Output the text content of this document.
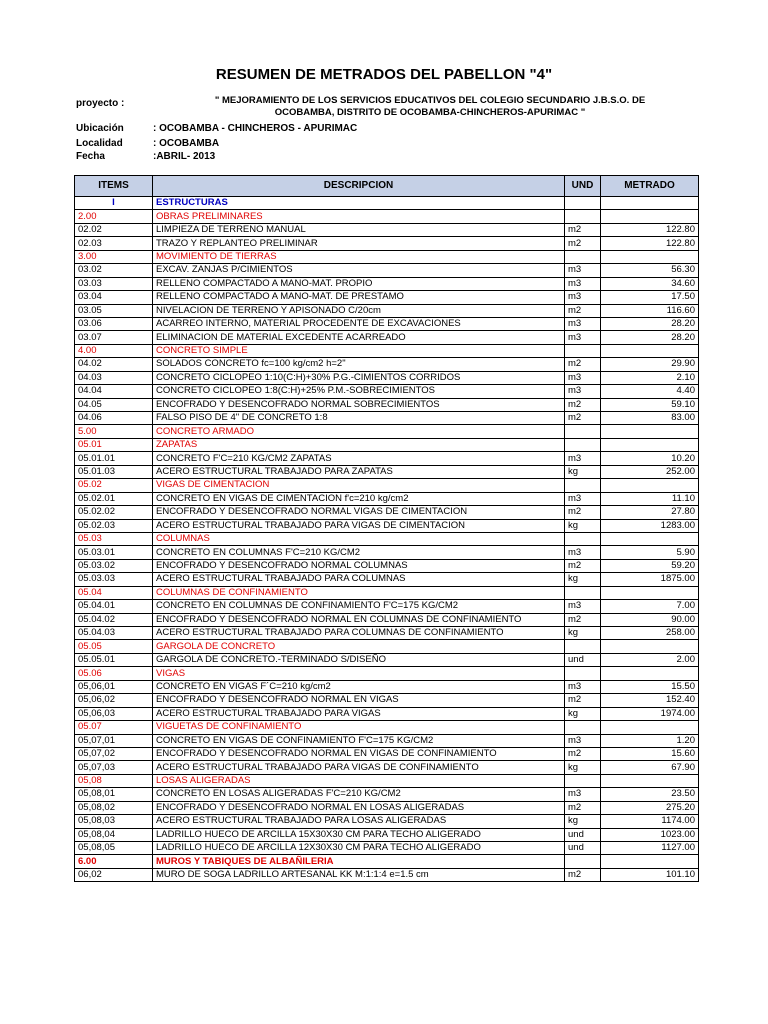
RESUMEN DE METRADOS DEL PABELLON "4"
proyecto :	" MEJORAMIENTO DE LOS SERVICIOS EDUCATIVOS DEL COLEGIO SECUNDARIO J.B.S.O. DE
OCOBAMBA, DISTRITO DE OCOBAMBA-CHINCHEROS-APURIMAC "
Ubicación	: OCOBAMBA - CHINCHEROS - APURIMAC
Localidad	: OCOBAMBA
Fecha	:ABRIL- 2013
ITEMS	DESCRIPCION	UND	METRADO
I	ESTRUCTURAS		
2.00	OBRAS PRELIMINARES		
02.02	LIMPIEZA DE TERRENO MANUAL	m2	122.80
02.03	TRAZO Y REPLANTEO PRELIMINAR	m2	122.80
3.00	MOVIMIENTO DE TIERRAS		
03.02	EXCAV. ZANJAS P/CIMIENTOS	m3	56.30
03.03	RELLENO COMPACTADO A MANO-MAT. PROPIO	m3	34.60
03.04	RELLENO COMPACTADO A MANO-MAT. DE PRESTAMO	m3	17.50
03.05	NIVELACION DE TERRENO Y APISONADO C/20cm	m2	116.60
03.06	ACARREO INTERNO, MATERIAL PROCEDENTE DE EXCAVACIONES	m3	28.20
03.07	ELIMINACION DE MATERIAL EXCEDENTE ACARREADO	m3	28.20
4.00	CONCRETO SIMPLE		
04.02	SOLADOS CONCRETO fc=100 kg/cm2 h=2"	m2	29.90
04.03	CONCRETO CICLOPEO 1:10(C:H)+30% P.G.-CIMIENTOS CORRIDOS	m3	2.10
04.04	CONCRETO CICLOPEO 1:8(C:H)+25% P.M.-SOBRECIMIENTOS	m3	4.40
04.05	ENCOFRADO Y DESENCOFRADO NORMAL SOBRECIMIENTOS	m2	59.10
04.06	FALSO PISO DE 4" DE CONCRETO 1:8	m2	83.00
5.00	CONCRETO ARMADO		
05.01	ZAPATAS		
05.01.01	CONCRETO F'C=210 KG/CM2 ZAPATAS	m3	10.20
05.01.03	ACERO ESTRUCTURAL TRABAJADO PARA ZAPATAS	kg	252.00
05.02	VIGAS DE CIMENTACION		
05.02.01	CONCRETO EN VIGAS DE CIMENTACION f'c=210 kg/cm2	m3	11.10
05.02.02	ENCOFRADO Y DESENCOFRADO NORMAL VIGAS DE CIMENTACION	m2	27.80
05.02.03	ACERO ESTRUCTURAL TRABAJADO PARA VIGAS DE CIMENTACION	kg	1283.00
05.03	COLUMNAS		
05.03.01	CONCRETO EN COLUMNAS F'C=210 KG/CM2	m3	5.90
05.03.02	ENCOFRADO Y DESENCOFRADO NORMAL COLUMNAS	m2	59.20
05.03.03	ACERO ESTRUCTURAL TRABAJADO PARA COLUMNAS	kg	1875.00
05.04	COLUMNAS DE CONFINAMIENTO		
05.04.01	CONCRETO EN COLUMNAS DE CONFINAMIENTO F'C=175 KG/CM2	m3	7.00
05.04.02	ENCOFRADO Y DESENCOFRADO NORMAL EN COLUMNAS DE CONFINAMIENTO	m2	90.00
05.04.03	ACERO ESTRUCTURAL TRABAJADO PARA COLUMNAS DE CONFINAMIENTO	kg	258.00
05.05	GARGOLA DE CONCRETO		
05.05.01	GARGOLA DE CONCRETO.-TERMINADO S/DISEÑO	und	2.00
05.06	VIGAS		
05,06,01	CONCRETO EN VIGAS F´C=210 kg/cm2	m3	15.50
05,06,02	ENCOFRADO Y DESENCOFRADO NORMAL EN VIGAS	m2	152.40
05,06,03	ACERO ESTRUCTURAL TRABAJADO PARA VIGAS	kg	1974.00
05.07	VIGUETAS DE CONFINAMIENTO		
05,07,01	CONCRETO EN VIGAS DE CONFINAMIENTO F'C=175 KG/CM2	m3	1.20
05,07,02	ENCOFRADO Y DESENCOFRADO NORMAL EN VIGAS DE CONFINAMIENTO	m2	15.60
05,07,03	ACERO ESTRUCTURAL TRABAJADO PARA VIGAS DE CONFINAMIENTO	kg	67.90
05,08	LOSAS ALIGERADAS		
05,08,01	CONCRETO EN LOSAS ALIGERADAS F'C=210 KG/CM2	m3	23.50
05,08,02	ENCOFRADO Y DESENCOFRADO NORMAL EN LOSAS ALIGERADAS	m2	275.20
05,08,03	ACERO ESTRUCTURAL TRABAJADO PARA LOSAS ALIGERADAS	kg	1174.00
05,08,04	LADRILLO HUECO DE ARCILLA 15X30X30 CM PARA TECHO ALIGERADO	und	1023.00
05,08,05	LADRILLO HUECO DE ARCILLA 12X30X30 CM PARA TECHO ALIGERADO	und	1127.00
6.00	MUROS Y TABIQUES DE ALBAÑILERIA		
06,02	MURO DE SOGA LADRILLO ARTESANAL KK M:1:1:4 e=1.5 cm	m2	101.10
